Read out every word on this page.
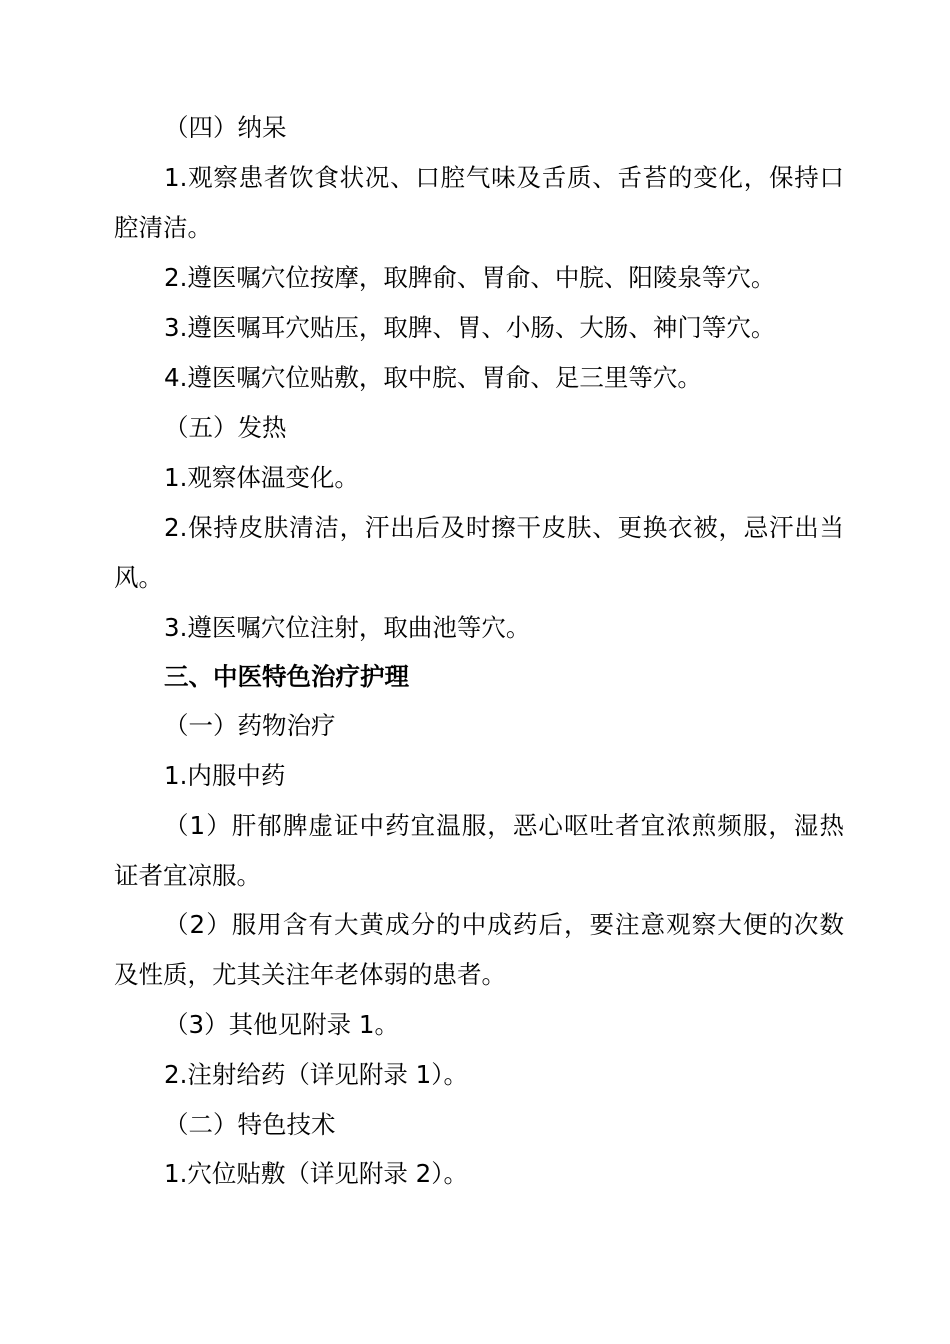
（四）纳呆
1.观察患者饮食状况、口腔气味及舌质、舌苔的变化，保持口
腔清洁。
2.遵医嘱穴位按摩，取脾俞、胃俞、中脘、阳陵泉等穴。
3.遵医嘱耳穴贴压，取脾、胃、小肠、大肠、神门等穴。
4.遵医嘱穴位贴敷，取中脘、胃俞、足三里等穴。
（五）发热
1.观察体温变化。
2.保持皮肤清洁，汗出后及时擦干皮肤、更换衣被，忌汗出当
风。
3.遵医嘱穴位注射，取曲池等穴。
三、中医特色治疗护理
（一）药物治疗
1.内服中药
（1）肝郁脾虚证中药宜温服，恶心呕吐者宜浓煎频服，湿热
证者宜凉服。
（2）服用含有大黄成分的中成药后，要注意观察大便的次数
及性质，尤其关注年老体弱的患者。
（3）其他见附录 1。
2.注射给药（详见附录 1）。
（二）特色技术
1.穴位贴敷（详见附录 2）。
